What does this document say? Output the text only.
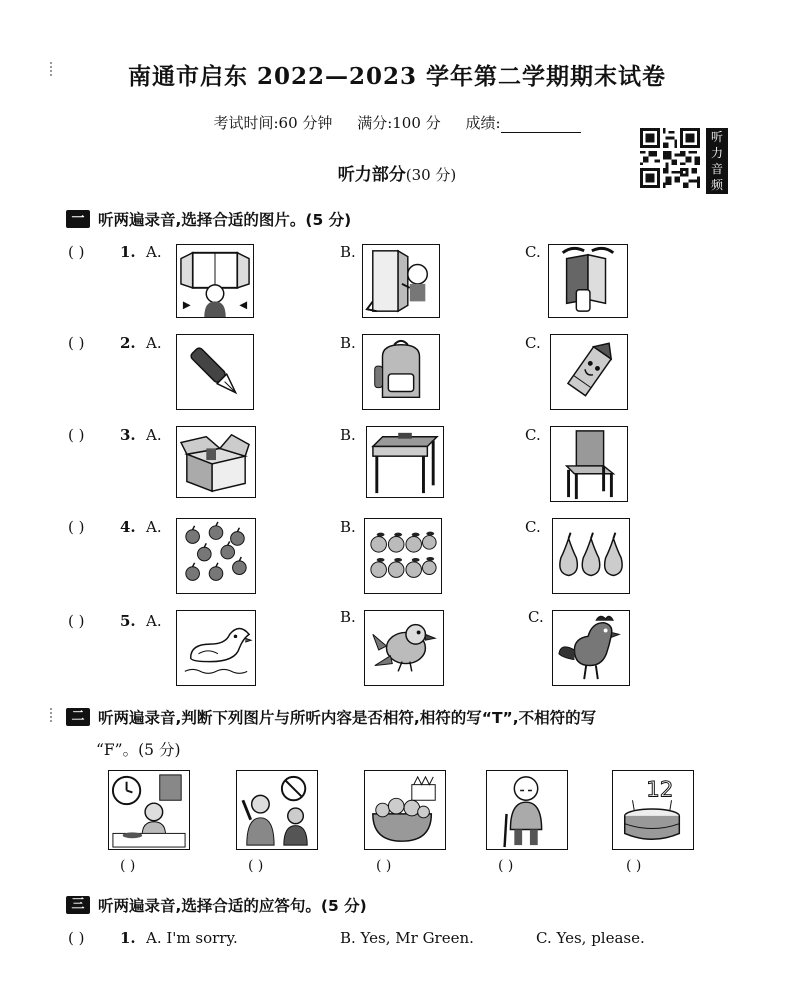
南通市启东 2022—2023 学年第二学期期末试卷
考试时间:60 分钟 满分:100 分 成绩:
听
力
音
频
听力部分(30 分)
一 听两遍录音,选择合适的图片。(5 分)
( ) 1. A.	B.	C.
( ) 2. A.	B.	C.
( ) 3. A.	B.	C.
( ) 4. A.	B.	C.
( ) 5. A.	B.	C.
二 听两遍录音,判断下列图片与所听内容是否相符,相符的写“T”,不相符的写
“F”。(5 分)
12
( )	( )	( )	( )	( )
三 听两遍录音,选择合适的应答句。(5 分)
( ) 1. A. I'm sorry.	B. Yes, Mr Green.	C. Yes, please.
